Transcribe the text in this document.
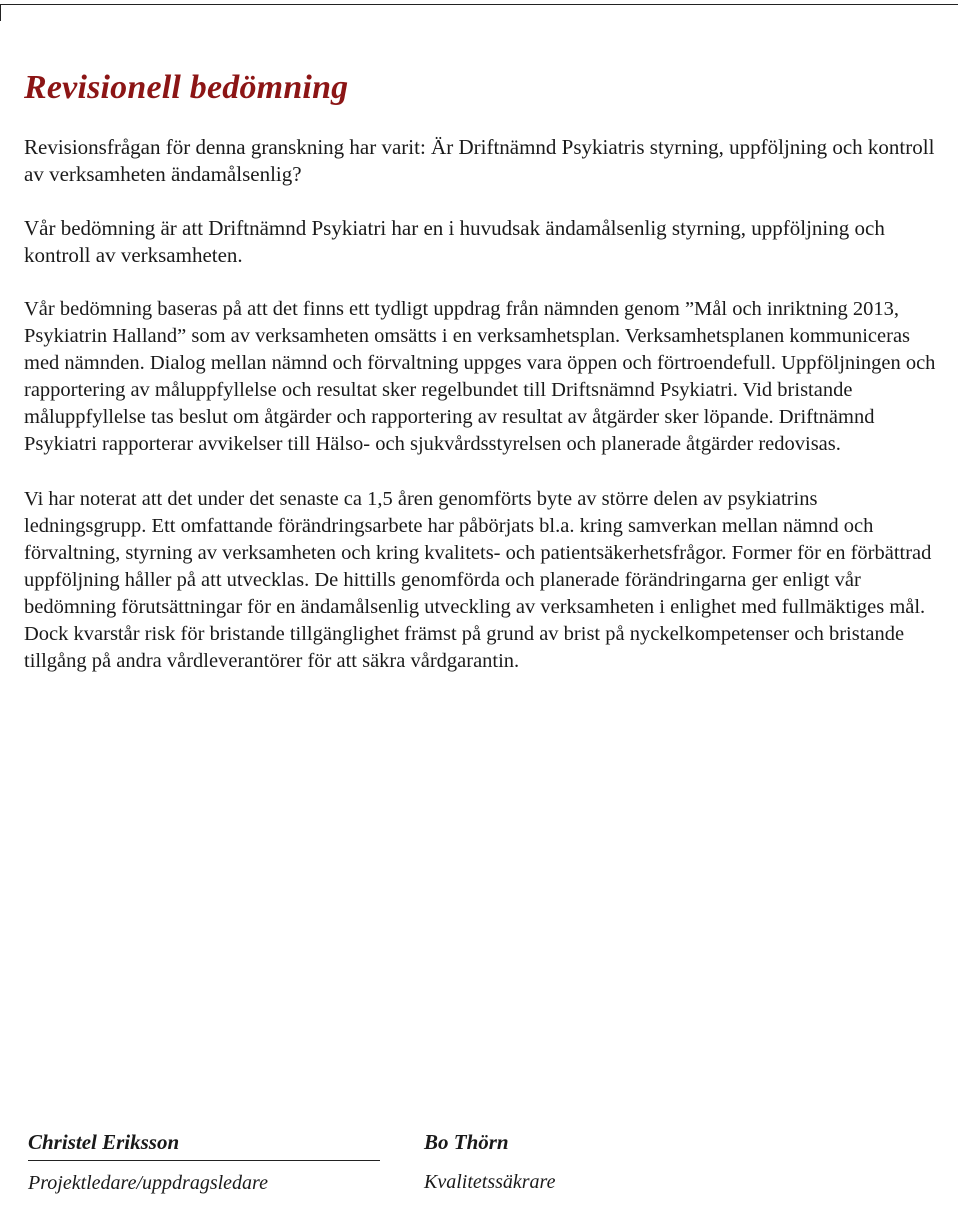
Revisionell bedömning

Revisionsfrågan för denna granskning har varit: Är Driftnämnd Psykiatris styrning, uppföljning och kontroll av verksamheten ändamålsenlig?

Vår bedömning är att Driftnämnd Psykiatri har en i huvudsak ändamålsenlig styrning, uppföljning och kontroll av verksamheten.

Vår bedömning baseras på att det finns ett tydligt uppdrag från nämnden genom ”Mål och inriktning 2013, Psykiatrin Halland” som av verksamheten omsätts i en verksamhetsplan. Verksamhetsplanen kommuniceras med nämnden. Dialog mellan nämnd och förvaltning uppges vara öppen och förtroendefull. Uppföljningen och rapportering av måluppfyllelse och resultat sker regelbundet till Driftsnämnd Psykiatri. Vid bristande måluppfyllelse tas beslut om åtgärder och rapportering av resultat av åtgärder sker löpande. Driftnämnd Psykiatri rapporterar avvikelser till Hälso- och sjukvårdsstyrelsen och planerade åtgärder redovisas.

Vi har noterat att det under det senaste ca 1,5 åren genomförts byte av större delen av psykiatrins ledningsgrupp. Ett omfattande förändringsarbete har påbörjats bl.a. kring samverkan mellan nämnd och förvaltning, styrning av verksamheten och kring kvalitets- och patientsäkerhetsfrågor. Former för en förbättrad uppföljning håller på att utvecklas. De hittills genomförda och planerade förändringarna ger enligt vår bedömning förutsättningar för en ändamålsenlig utveckling av verksamheten i enlighet med fullmäktiges mål. Dock kvarstår risk för bristande tillgänglighet främst på grund av brist på nyckelkompetenser och bristande tillgång på andra vårdleverantörer för att säkra vårdgarantin.

Christel Eriksson
Projektledare/uppdragsledare
Bo Thörn
Kvalitetssäkrare
